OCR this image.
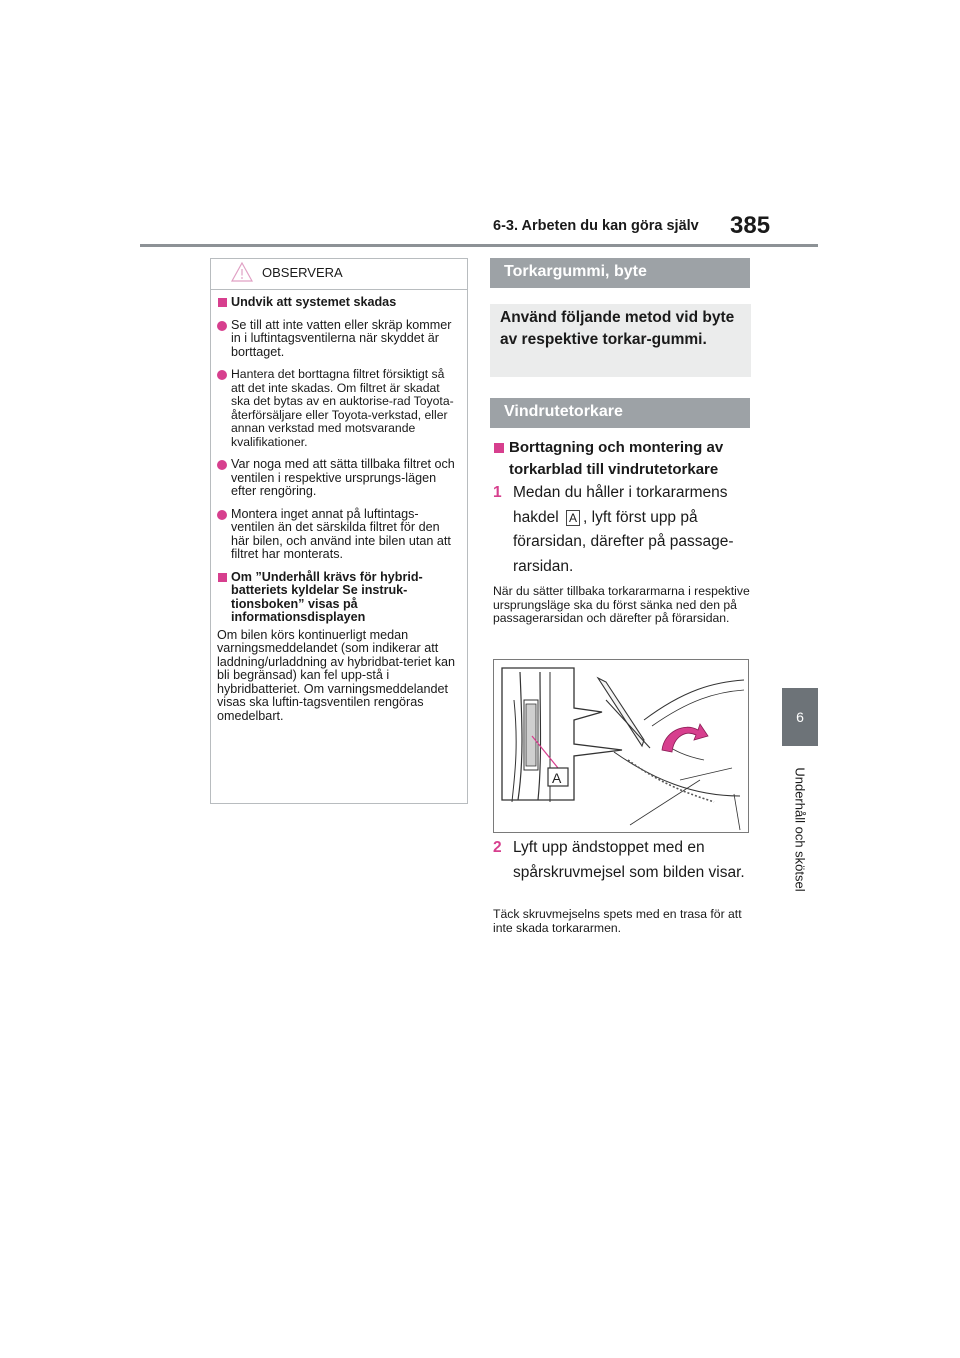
6-3. Arbeten du kan göra själv 385
6
Underhåll och skötsel
OBSERVERA
Undvik att systemet skadas
Se till att inte vatten eller skräp kommer in i luftintagsventilerna när skyddet är borttaget.
Hantera det borttagna filtret försiktigt så att det inte skadas. Om filtret är skadat ska det bytas av en auktorise-rad Toyota-återförsäljare eller Toyota-verkstad, eller annan verkstad med motsvarande kvalifikationer.
Var noga med att sätta tillbaka filtret och ventilen i respektive ursprungs-lägen efter rengöring.
Montera inget annat på luftintags-ventilen än det särskilda filtret för den här bilen, och använd inte bilen utan att filtret har monterats.
Om ”Underhåll krävs för hybrid-batteriets kyldelar Se instruk-tionsboken” visas på informationsdisplayen
Om bilen körs kontinuerligt medan varningsmeddelandet (som indikerar att laddning/urladdning av hybridbat-teriet kan bli begränsad) kan fel upp-stå i hybridbatteriet. Om varningsmeddelandet visas ska luftin-tagsventilen rengöras omedelbart.
Torkargummi, byte
Använd följande metod vid byte av respektive torkar-gummi.
Vindrutetorkare
Borttagning och montering av torkarblad till vindrutetorkare
1 Medan du håller i torkararmens hakdel A , lyft först upp på förarsidan, därefter på passage-rarsidan.
När du sätter tillbaka torkararmarna i respektive ursprungsläge ska du först sänka ned den på passagerarsidan och därefter på förarsidan.
A
2 Lyft upp ändstoppet med en spårskruvmejsel som bilden visar.
Täck skruvmejselns spets med en trasa för att inte skada torkararmen.
